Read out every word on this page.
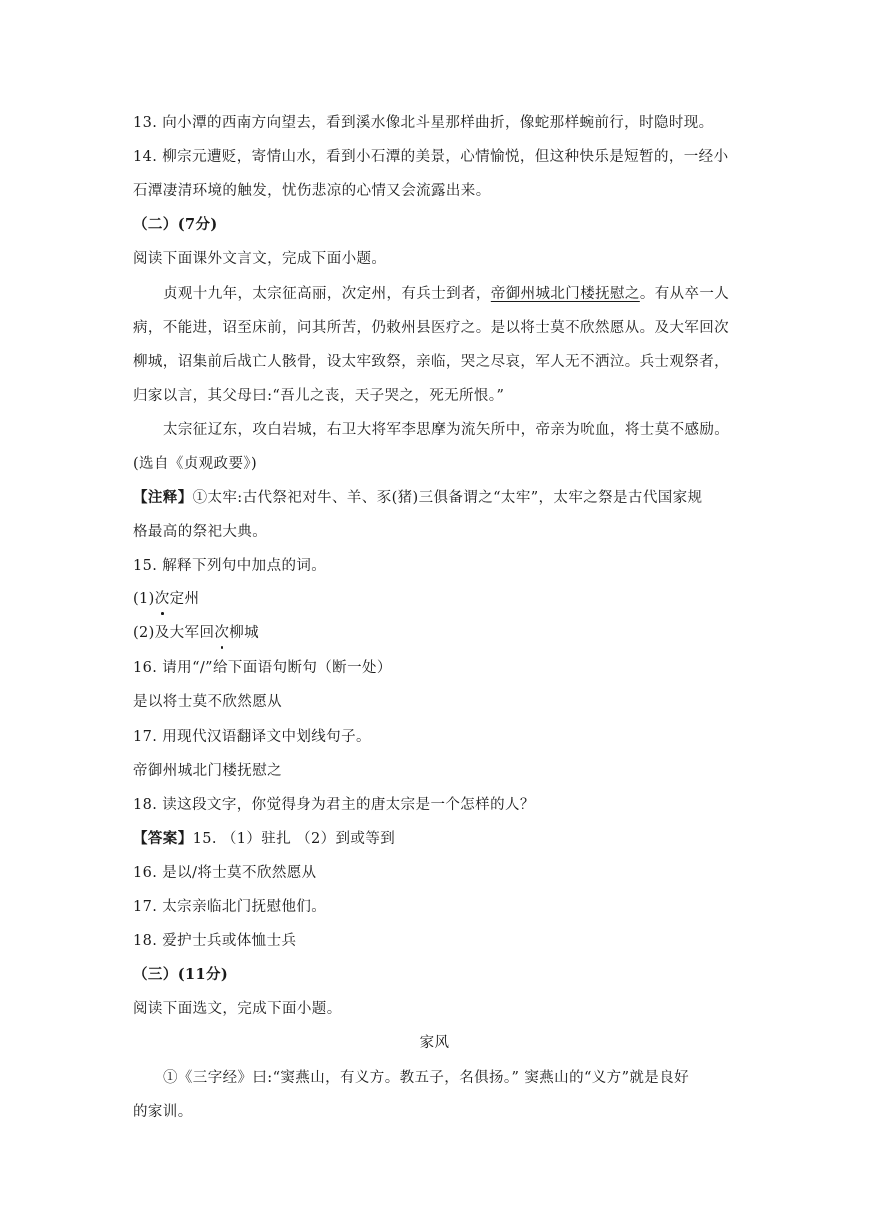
13. 向小潭的西南方向望去，看到溪水像北斗星那样曲折，像蛇那样蜿前行，时隐时现。
14. 柳宗元遭贬，寄情山水，看到小石潭的美景，心情愉悦，但这种快乐是短暂的，一经小
石潭凄清环境的触发，忧伤悲凉的心情又会流露出来。
（二）(7分)
阅读下面课外文言文，完成下面小题。
贞观十九年，太宗征高丽，次定州，有兵士到者，帝御州城北门楼抚慰之。有从卒一人
病，不能进，诏至床前，问其所苦，仍敕州县医疗之。是以将士莫不欣然愿从。及大军回次
柳城，诏集前后战亡人骸骨，设太牢致祭，亲临，哭之尽哀，军人无不洒泣。兵士观祭者，
归家以言，其父母曰:“吾儿之丧，天子哭之，死无所恨。”
太宗征辽东，攻白岩城，右卫大将军李思摩为流矢所中，帝亲为吮血，将士莫不感励。
(选自《贞观政要》)
【注释】①太牢:古代祭祀对牛、羊、豕(猪)三俱备谓之“太牢”，太牢之祭是古代国家规
格最高的祭祀大典。
15. 解释下列句中加点的词。
(1)次定州
(2)及大军回次柳城
16. 请用“/”给下面语句断句（断一处）
是以将士莫不欣然愿从
17. 用现代汉语翻译文中划线句子。
帝御州城北门楼抚慰之
18. 读这段文字，你觉得身为君主的唐太宗是一个怎样的人？
【答案】15. （1）驻扎 （2）到或等到
16. 是以/将士莫不欣然愿从
17. 太宗亲临北门抚慰他们。
18. 爱护士兵或体恤士兵
（三）(11分)
阅读下面选文，完成下面小题。
家风
①《三字经》曰:“窦燕山，有义方。教五子，名俱扬。” 窦燕山的“义方”就是良好
的家训。
